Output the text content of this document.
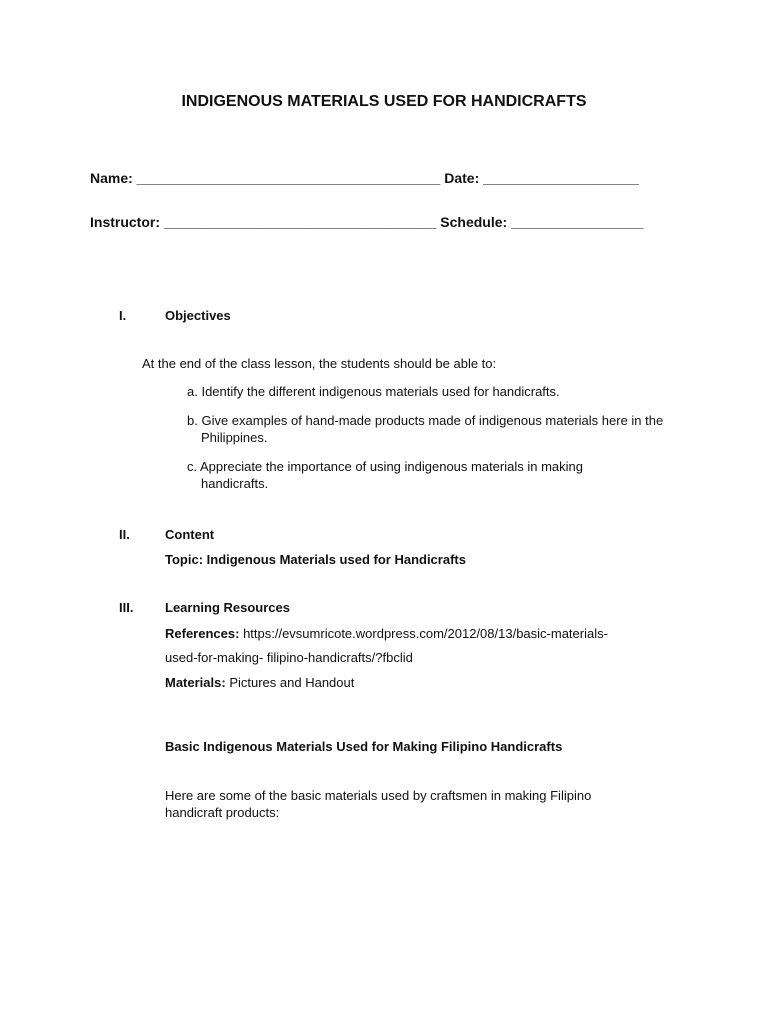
INDIGENOUS MATERIALS USED FOR HANDICRAFTS
Name: _______________________________________ Date: ____________________
Instructor: ___________________________________ Schedule: _________________
I.	Objectives
At the end of the class lesson, the students should be able to:
a. Identify the different indigenous materials used for handicrafts.
b. Give examples of hand-made products made of indigenous materials here in the Philippines.
c. Appreciate the importance of using indigenous materials in making handicrafts.
II.	Content
Topic: Indigenous Materials used for Handicrafts
III. Learning Resources
References: https://evsumricote.wordpress.com/2012/08/13/basic-materials-
used-for-making- filipino-handicrafts/?fbclid
Materials: Pictures and Handout
Basic Indigenous Materials Used for Making Filipino Handicrafts
Here are some of the basic materials used by craftsmen in making Filipino handicraft products:
